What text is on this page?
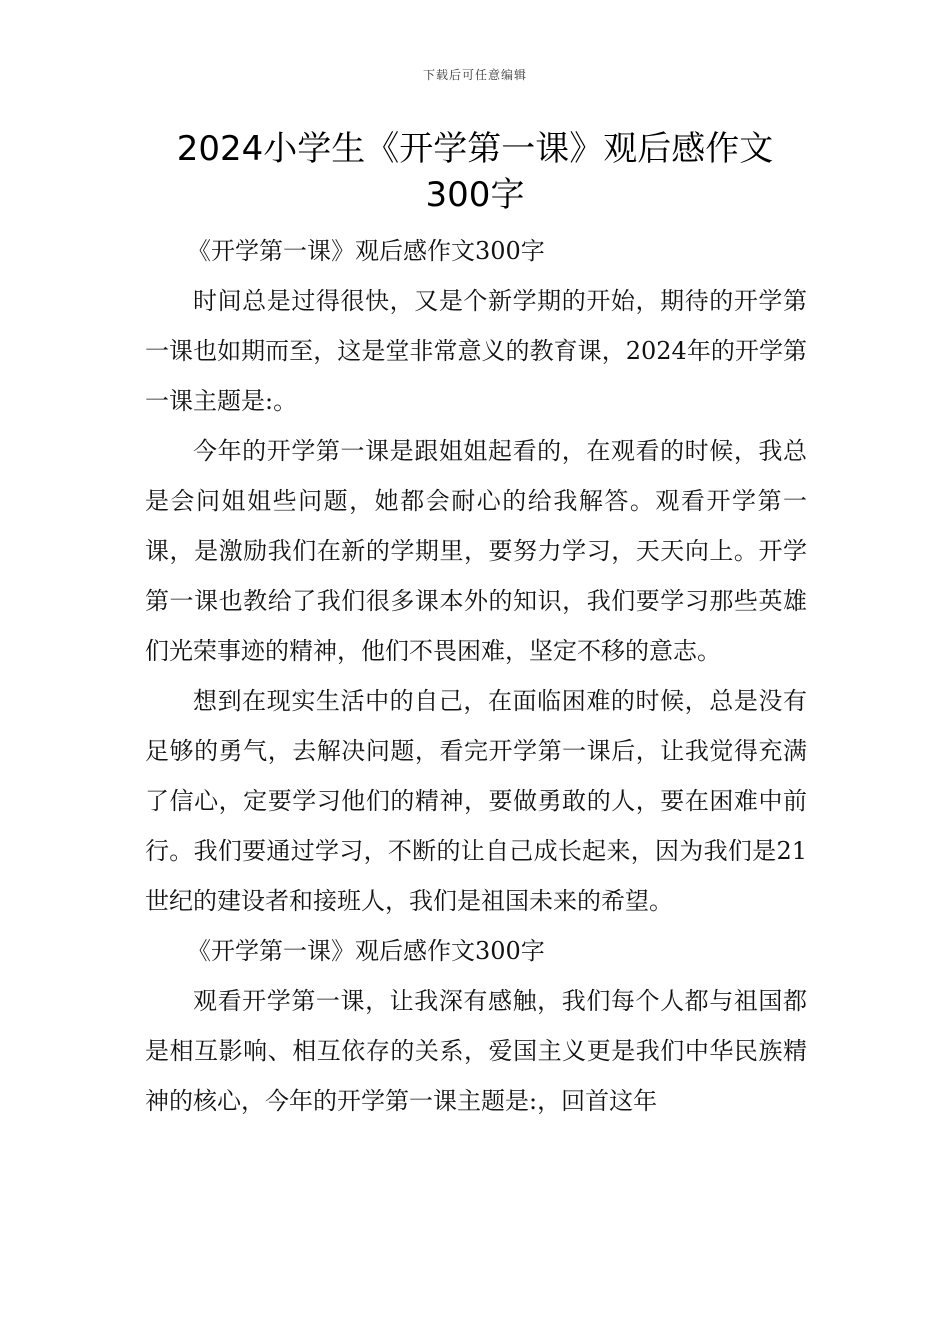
下载后可任意编辑
2024小学生《开学第一课》观后感作文300字

《开学第一课》观后感作文300字

时间总是过得很快，又是个新学期的开始，期待的开学第一课也如期而至，这是堂非常意义的教育课，2024年的开学第一课主题是:。

今年的开学第一课是跟姐姐起看的，在观看的时候，我总是会问姐姐些问题，她都会耐心的给我解答。观看开学第一课，是激励我们在新的学期里，要努力学习，天天向上。开学第一课也教给了我们很多课本外的知识，我们要学习那些英雄们光荣事迹的精神，他们不畏困难，坚定不移的意志。

想到在现实生活中的自己，在面临困难的时候，总是没有足够的勇气，去解决问题，看完开学第一课后，让我觉得充满了信心，定要学习他们的精神，要做勇敢的人，要在困难中前行。我们要通过学习，不断的让自己成长起来，因为我们是21世纪的建设者和接班人，我们是祖国未来的希望。

《开学第一课》观后感作文300字

观看开学第一课，让我深有感触，我们每个人都与祖国都是相互影响、相互依存的关系，爱国主义更是我们中华民族精神的核心，今年的开学第一课主题是:，回首这年
